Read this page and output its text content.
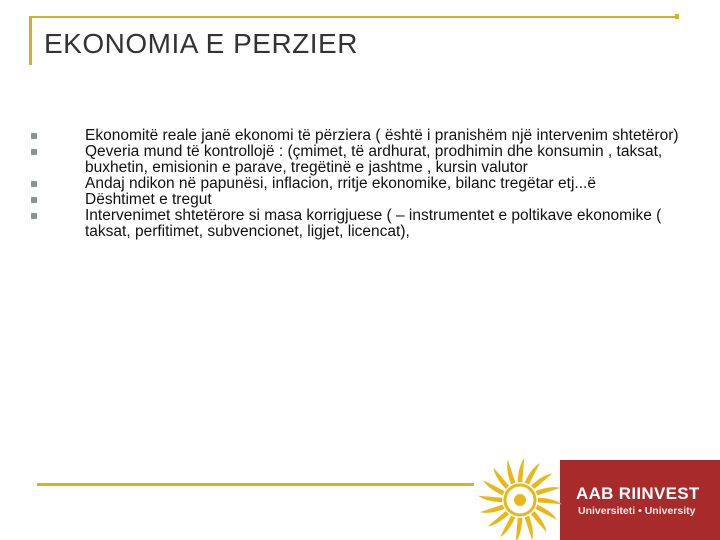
EKONOMIA E PERZIER
Ekonomitë reale janë ekonomi të përziera ( është i pranishëm një intervenim shtetëror)
Qeveria mund të kontrollojë : (çmimet, të ardhurat, prodhimin dhe konsumin , taksat, buxhetin, emisionin e parave, tregëtinë e jashtme , kursin valutor
Andaj ndikon në papunësi, inflacion, rritje ekonomike, bilanc tregëtar etj...ë
Dështimet e tregut
Intervenimet shtetërore si masa korrigjuese ( – instrumentet e poltikave ekonomike ( taksat, perfitimet, subvencionet, ligjet, licencat),
AAB RIINVEST
Universiteti • University
